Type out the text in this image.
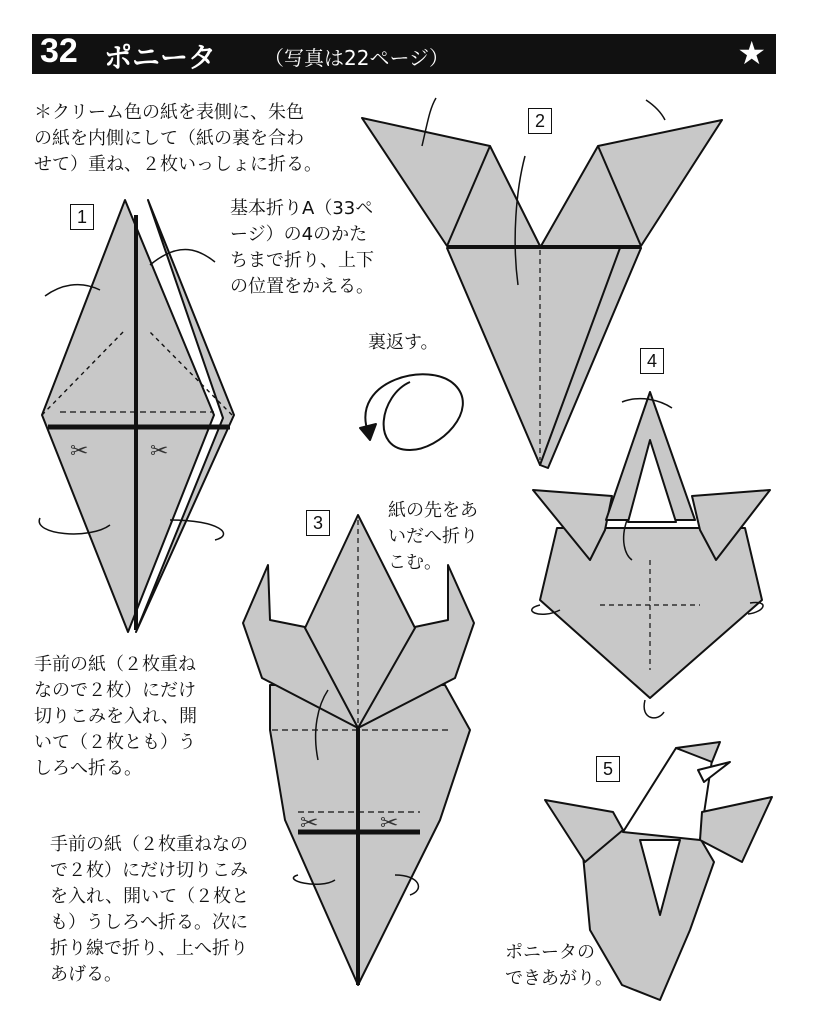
32 ポニータ （写真は22ページ）	★
＊クリーム色の紙を表側に、朱色
の紙を内側にして（紙の裏を合わ
せて）重ね、２枚いっしょに折る。
基本折りA（33ペ
ージ）の4のかた
ちまで折り、上下
の位置をかえる。
裏返す。
紙の先をあ
いだへ折り
こむ。
手前の紙（２枚重ね
なので２枚）にだけ
切りこみを入れ、開
いて（２枚とも）う
しろへ折る。
手前の紙（２枚重ねなの
で２枚）にだけ切りこみ
を入れ、開いて（２枚と
も）うしろへ折る。次に
折り線で折り、上へ折り
あげる。
ポニータの
できあがり。
1
2
3
4
5
✂	✂
✂	✂
